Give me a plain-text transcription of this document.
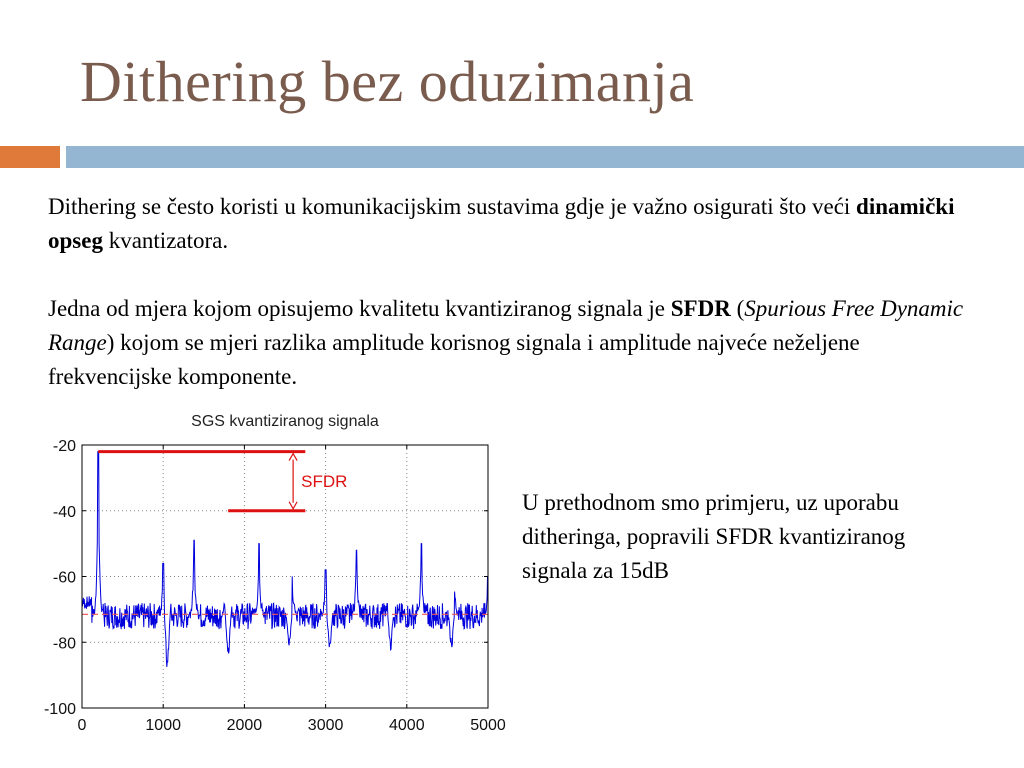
Dithering bez oduzimanja

Dithering se često koristi u komunikacijskim sustavima gdje je važno osigurati što veći dinamički opseg kvantizatora.

Jedna od mjera kojom opisujemo kvalitetu kvantiziranog signala je SFDR (Spurious Free Dynamic Range) kojom se mjeri razlika amplitude korisnog signala i amplitude najveće neželjene frekvencijske komponente.

U prethodnom smo primjeru, uz uporabu ditheringa, popravili SFDR kvantiziranog signala za 15dB
SGS kvantiziranog signala
SFDR
0	1000	2000	3000	4000	5000
-20
-40
-60
-80
-100
